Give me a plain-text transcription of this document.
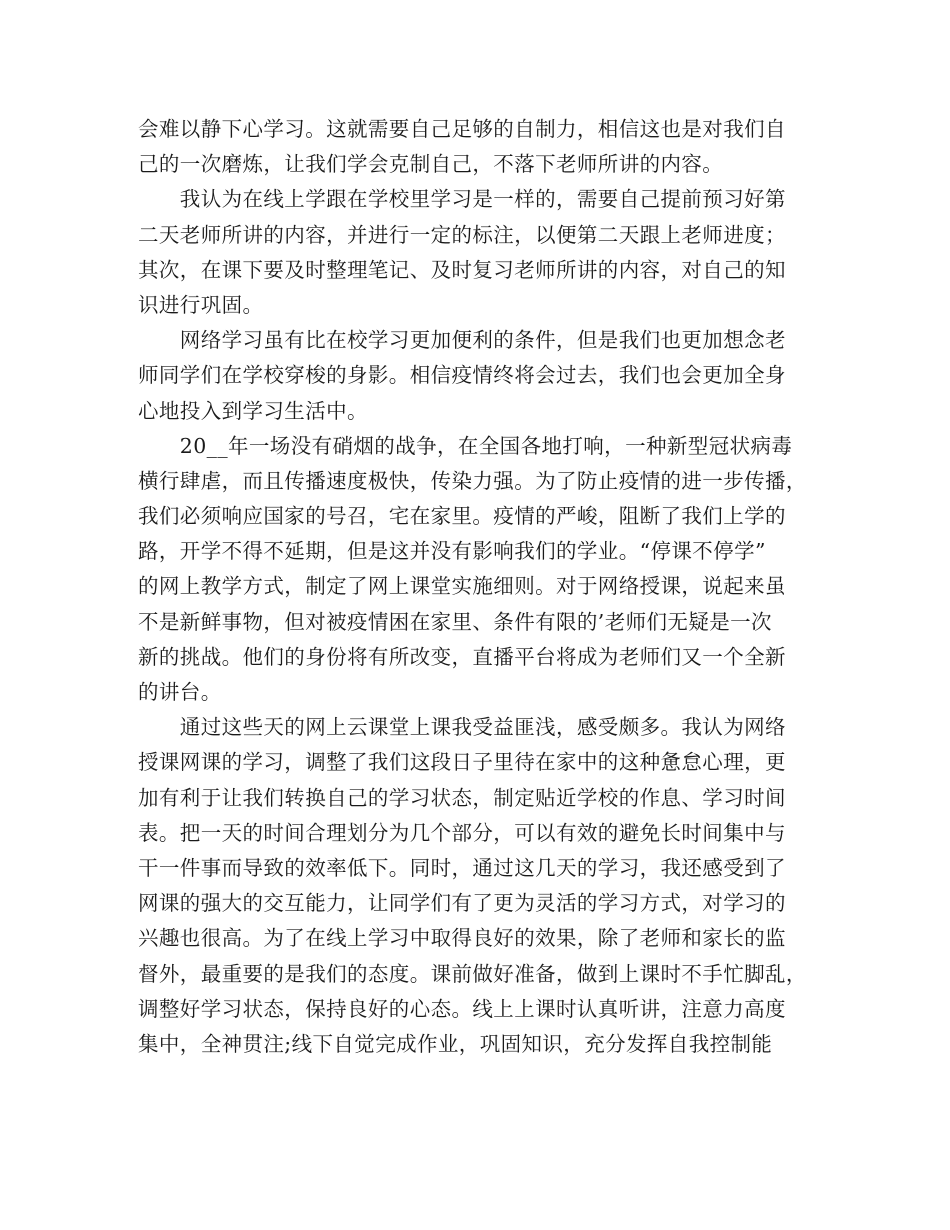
会难以静下心学习。这就需要自己足够的自制力，相信这也是对我们自
己的一次磨炼，让我们学会克制自己，不落下老师所讲的内容。
　　我认为在线上学跟在学校里学习是一样的，需要自己提前预习好第
二天老师所讲的内容，并进行一定的标注，以便第二天跟上老师进度；
其次，在课下要及时整理笔记、及时复习老师所讲的内容，对自己的知
识进行巩固。
　　网络学习虽有比在校学习更加便利的条件，但是我们也更加想念老
师同学们在学校穿梭的身影。相信疫情终将会过去，我们也会更加全身
心地投入到学习生活中。
　　20__年一场没有硝烟的战争，在全国各地打响，一种新型冠状病毒
横行肆虐，而且传播速度极快，传染力强。为了防止疫情的进一步传播，
我们必须响应国家的号召，宅在家里。疫情的严峻，阻断了我们上学的
路，开学不得不延期，但是这并没有影响我们的学业。“停课不停学”
的网上教学方式，制定了网上课堂实施细则。对于网络授课，说起来虽
不是新鲜事物，但对被疫情困在家里、条件有限的’老师们无疑是一次
新的挑战。他们的身份将有所改变，直播平台将成为老师们又一个全新
的讲台。
　　通过这些天的网上云课堂上课我受益匪浅，感受颇多。我认为网络
授课网课的学习，调整了我们这段日子里待在家中的这种惫怠心理，更
加有利于让我们转换自己的学习状态，制定贴近学校的作息、学习时间
表。把一天的时间合理划分为几个部分，可以有效的避免长时间集中与
干一件事而导致的效率低下。同时，通过这几天的学习，我还感受到了
网课的强大的交互能力，让同学们有了更为灵活的学习方式，对学习的
兴趣也很高。为了在线上学习中取得良好的效果，除了老师和家长的监
督外，最重要的是我们的态度。课前做好准备，做到上课时不手忙脚乱，
调整好学习状态，保持良好的心态。线上上课时认真听讲，注意力高度
集中，全神贯注;线下自觉完成作业，巩固知识，充分发挥自我控制能
